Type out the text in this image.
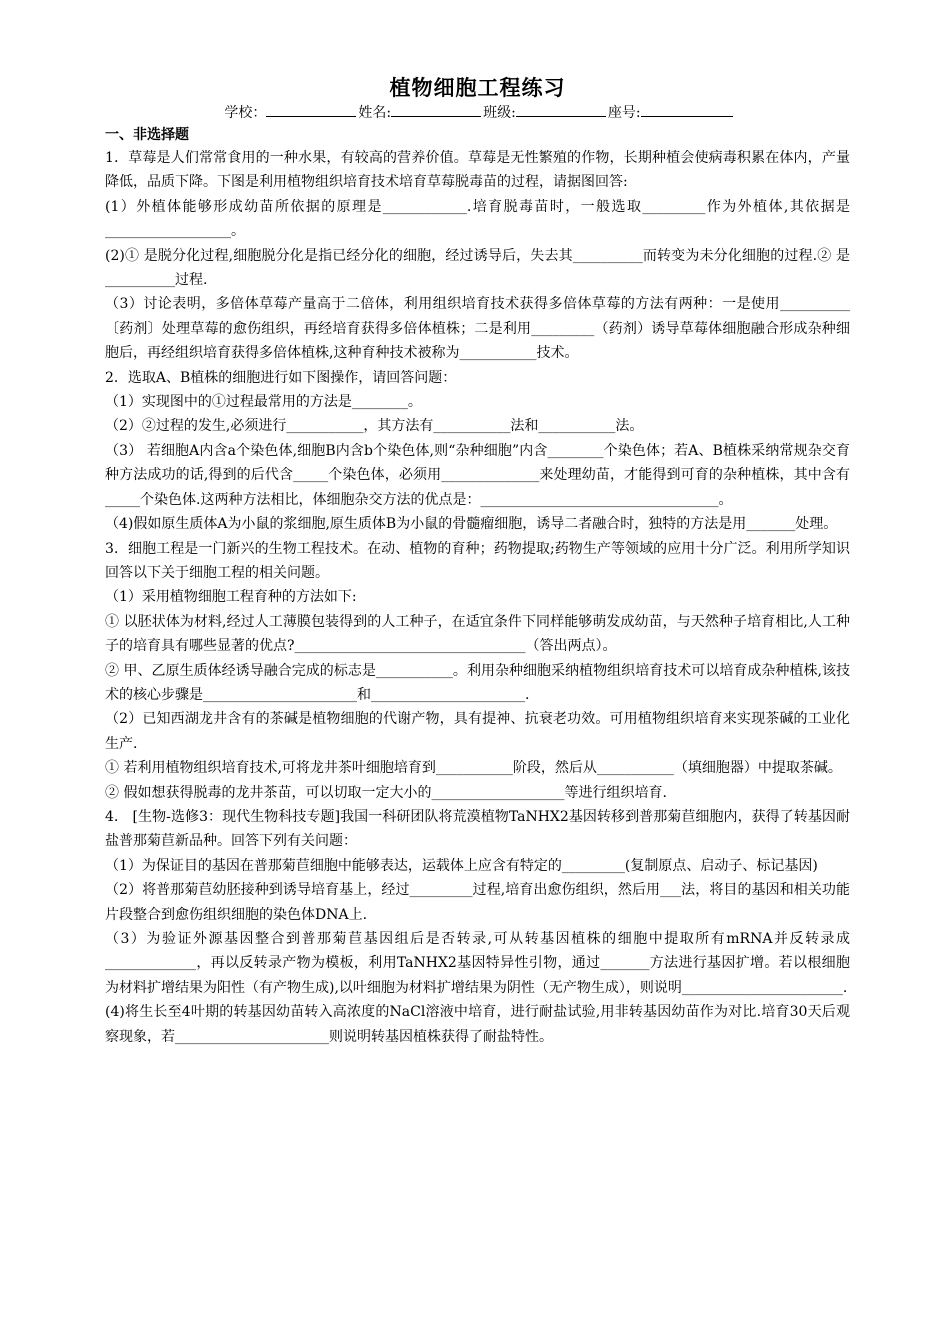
植物细胞工程练习
学校：	姓名:	班级:	座号:

一、非选择题

1．草莓是人们常常食用的一种水果，有较高的营养价值。草莓是无性繁殖的作物，长期种植会使病毒积累在体内，产量降低，品质下降。下图是利用植物组织培育技术培育草莓脱毒苗的过程，请据图回答:

(1）外植体能够形成幼苗所依据的原理是____________.培育脱毒苗时，一般选取_________作为外植体,其依据是__________________。

(2)① 是脱分化过程,细胞脱分化是指已经分化的细胞，经过诱导后，失去其__________而转变为未分化细胞的过程.② 是__________过程.

（3）讨论表明，多倍体草莓产量高于二倍体，利用组织培育技术获得多倍体草莓的方法有两种：一是使用__________〔药剂〕处理草莓的愈伤组织，再经培育获得多倍体植株；二是利用_________（药剂）诱导草莓体细胞融合形成杂种细胞后，再经组织培育获得多倍体植株,这种育种技术被称为___________技术。

2．选取A、B植株的细胞进行如下图操作，请回答问题：

（1）实现图中的①过程最常用的方法是________。

（2）②过程的发生,必须进行___________，其方法有___________法和___________法。

（3） 若细胞A内含a个染色体,细胞B内含b个染色体,则“杂种细胞”内含________个染色体；若A、B植株采纳常规杂交育种方法成功的话,得到的后代含_____个染色体，必须用______________来处理幼苗，才能得到可育的杂种植株，其中含有_____个染色体.这两种方法相比，体细胞杂交方法的优点是：__________________________________。

（4)假如原生质体A为小鼠的浆细胞,原生质体B为小鼠的骨髓瘤细胞，诱导二者融合时，独特的方法是用_______处理。

3．细胞工程是一门新兴的生物工程技术。在动、植物的育种；药物提取;药物生产等领域的应用十分广泛。利用所学知识回答以下关于细胞工程的相关问题。

（1）采用植物细胞工程育种的方法如下:

① 以胚状体为材料,经过人工薄膜包装得到的人工种子，在适宜条件下同样能够萌发成幼苗，与天然种子培育相比,人工种子的培育具有哪些显著的优点?_________________________________（答出两点）。

② 甲、乙原生质体经诱导融合完成的标志是___________。利用杂种细胞采纳植物组织培育技术可以培育成杂种植株,该技术的核心步骤是______________________和______________________.

（2）已知西湖龙井含有的茶碱是植物细胞的代谢产物，具有提神、抗衰老功效。可用植物组织培育来实现茶碱的工业化生产.

① 若利用植物组织培育技术,可将龙井茶叶细胞培育到___________阶段，然后从___________（填细胞器）中提取茶碱。

② 假如想获得脱毒的龙井茶苗，可以切取一定大小的___________________等进行组织培育.

4． [生物-选修3：现代生物科技专题]我国一科研团队将荒漠植物TaNHX2基因转移到普那菊苣细胞内，获得了转基因耐盐普那菊苣新品种。回答下列有关问题：

（1）为保证目的基因在普那菊苣细胞中能够表达，运载体上应含有特定的_________(复制原点、启动子、标记基因)

（2）将普那菊苣幼胚接种到诱导培育基上，经过_________过程,培育出愈伤组织，然后用___法，将目的基因和相关功能片段整合到愈伤组织细胞的染色体DNA上.

（3）为验证外源基因整合到普那菊苣基因组后是否转录,可从转基因植株的细胞中提取所有mRNA并反转录成_____________，再以反转录产物为模板，利用TaNHX2基因特异性引物，通过_______方法进行基因扩增。若以根细胞为材料扩增结果为阳性（有产物生成),以叶细胞为材料扩增结果为阴性（无产物生成），则说明_______________________.

(4)将生长至4叶期的转基因幼苗转入高浓度的NaCl溶液中培育，进行耐盐试验,用非转基因幼苗作为对比.培育30天后观察现象，若______________________则说明转基因植株获得了耐盐特性。
